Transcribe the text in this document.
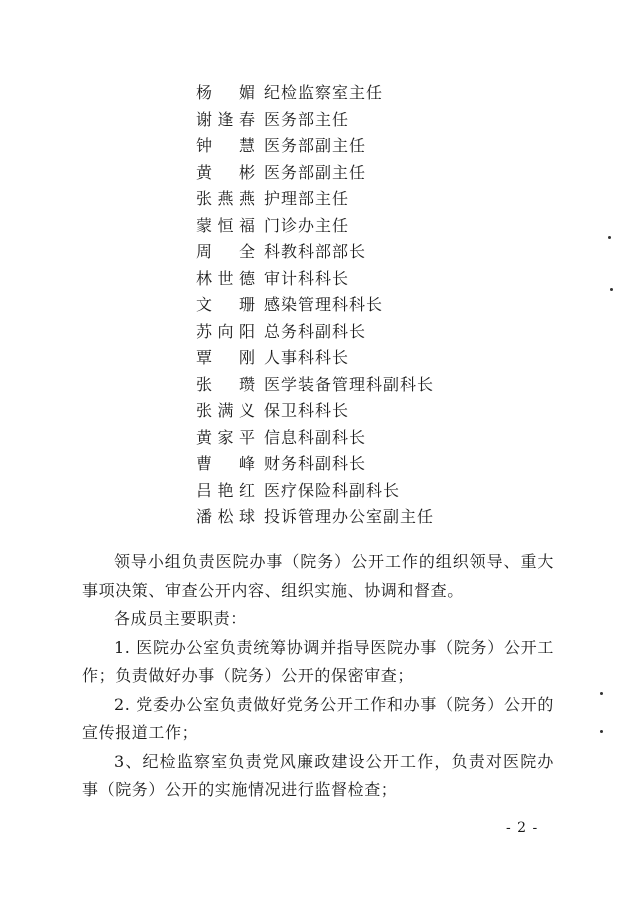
杨　媚 纪检监察室主任
谢逢春 医务部主任
钟　慧 医务部副主任
黄　彬 医务部副主任
张燕燕 护理部主任
蒙恒福 门诊办主任
周　全 科教科部部长
林世德 审计科科长
文　珊 感染管理科科长
苏向阳 总务科副科长
覃　刚 人事科科长
张　瓒 医学装备管理科副科长
张满义 保卫科科长
黄家平 信息科副科长
曹　峰 财务科副科长
吕艳红 医疗保险科副科长
潘松球 投诉管理办公室副主任

领导小组负责医院办事（院务）公开工作的组织领导、重大事项决策、审查公开内容、组织实施、协调和督查。

各成员主要职责：

1. 医院办公室负责统筹协调并指导医院办事（院务）公开工作；负责做好办事（院务）公开的保密审查；

2. 党委办公室负责做好党务公开工作和办事（院务）公开的宣传报道工作；

3、纪检监察室负责党风廉政建设公开工作，负责对医院办事（院务）公开的实施情况进行监督检查；

- 2 -
